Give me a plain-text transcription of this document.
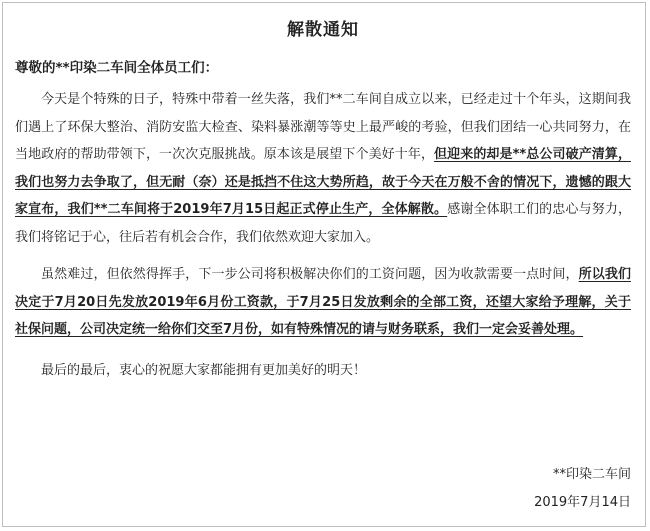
解散通知
尊敬的**印染二车间全体员工们：

今天是个特殊的日子，特殊中带着一丝失落，我们**二车间自成立以来，已经走过十个年头，这期间我们遇上了环保大整治、消防安监大检查、染料暴涨潮等等史上最严峻的考验，但我们团结一心共同努力，在当地政府的帮助带领下，一次次克服挑战。原本该是展望下个美好十年，但迎来的却是**总公司破产清算，我们也努力去争取了，但无耐（奈）还是抵挡不住这大势所趋，故于今天在万般不舍的情况下，遗憾的跟大家宣布，我们**二车间将于2019年7月15日起正式停止生产，全体解散。感谢全体职工们的忠心与努力，我们将铭记于心，往后若有机会合作，我们依然欢迎大家加入。

虽然难过，但依然得挥手，下一步公司将积极解决你们的工资问题，因为收款需要一点时间，所以我们决定于7月20日先发放2019年6月份工资款，于7月25日发放剩余的全部工资，还望大家给予理解，关于社保问题，公司决定统一给你们交至7月份，如有特殊情况的请与财务联系，我们一定会妥善处理。

最后的最后，衷心的祝愿大家都能拥有更加美好的明天！

**印染二车间
2019年7月14日
